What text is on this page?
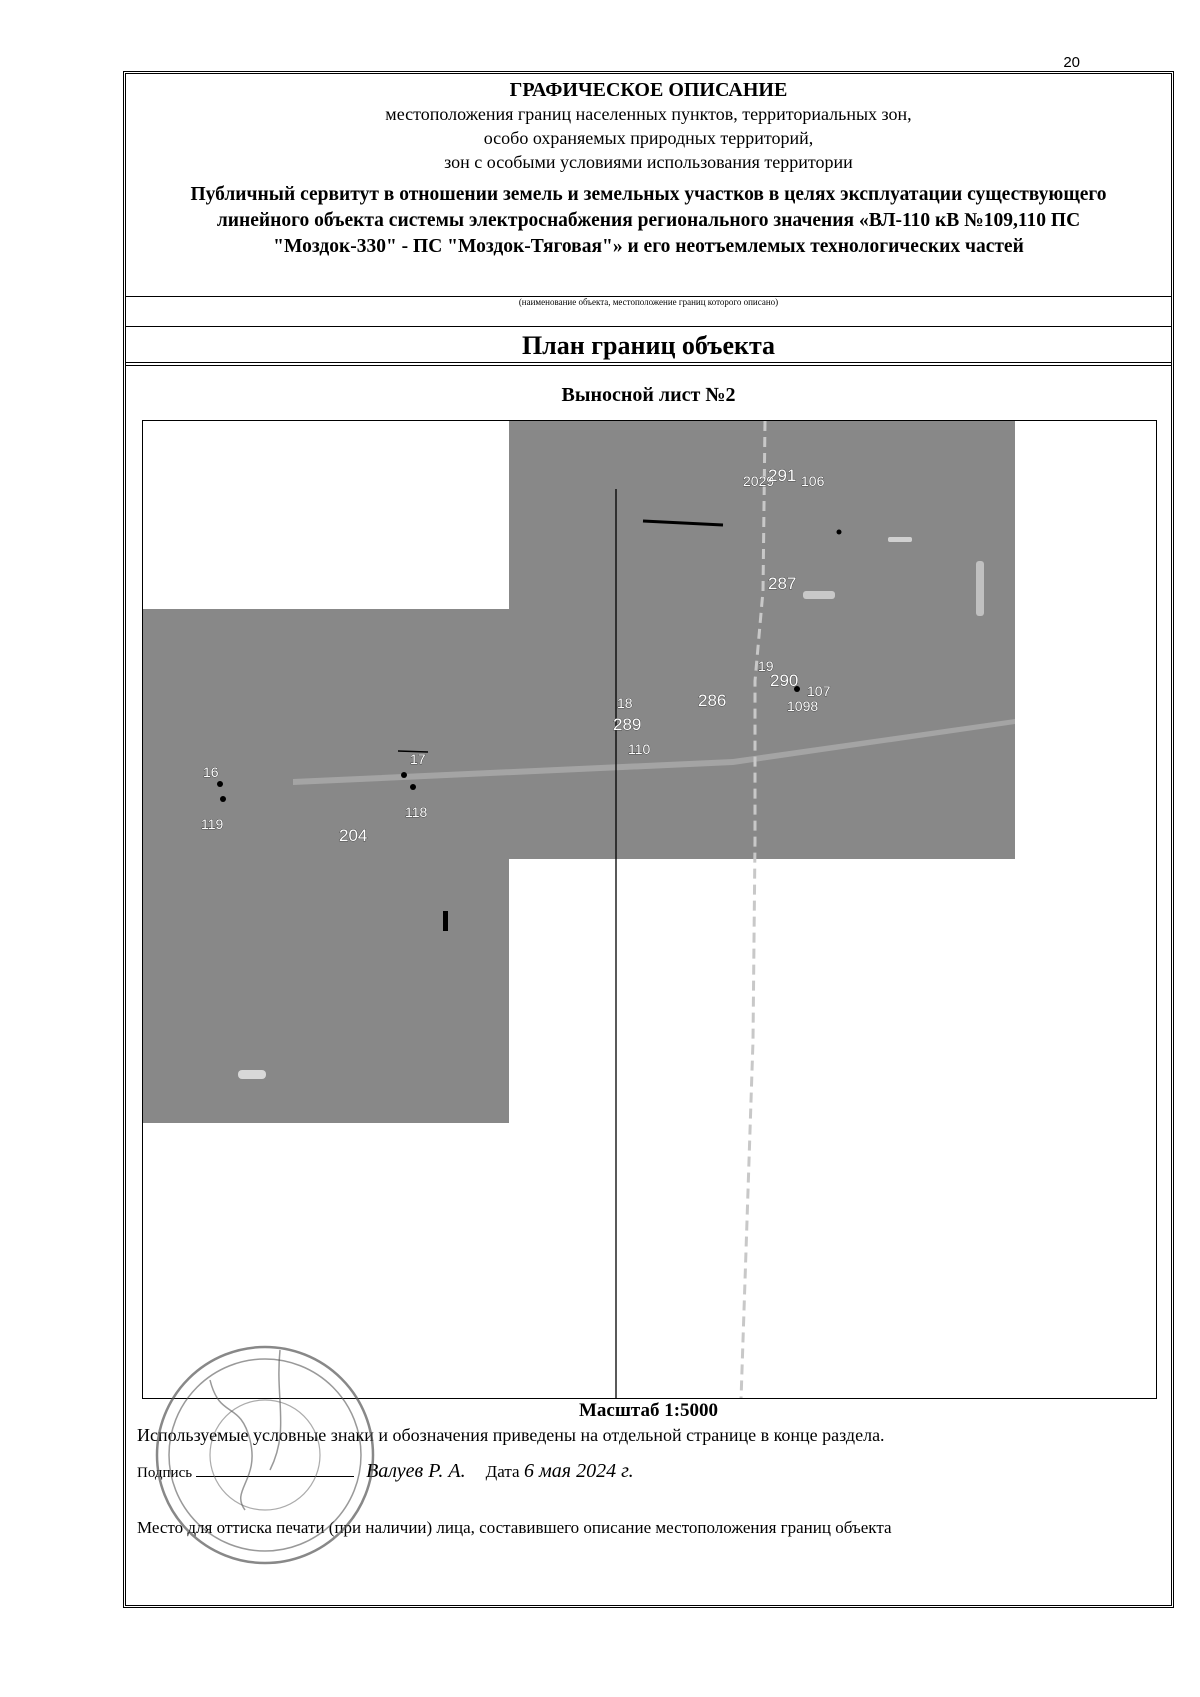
20
ГРАФИЧЕСКОЕ ОПИСАНИЕ
местоположения границ населенных пунктов, территориальных зон,
особо охраняемых природных территорий,
зон с особыми условиями использования территории
Публичный сервитут в отношении земель и земельных участков в целях эксплуатации существующего линейного объекта системы электроснабжения регионального значения «ВЛ-110 кВ №109,110 ПС "Моздок-330" - ПС "Моздок-Тяговая"» и его неотъемлемых технологических частей
(наименование объекта, местоположение границ которого описано)
План границ объекта
Выносной лист №2
2029
291 106
287
19
290
107
1098
286
18
289
110
17
118
16
119
204
Масштаб 1:5000
Используемые условные знаки и обозначения приведены на отдельной странице в конце раздела.
Подпись	Валуев Р. А. Дата 6 мая 2024 г.
Место для оттиска печати (при наличии) лица, составившего описание местоположения границ объекта
